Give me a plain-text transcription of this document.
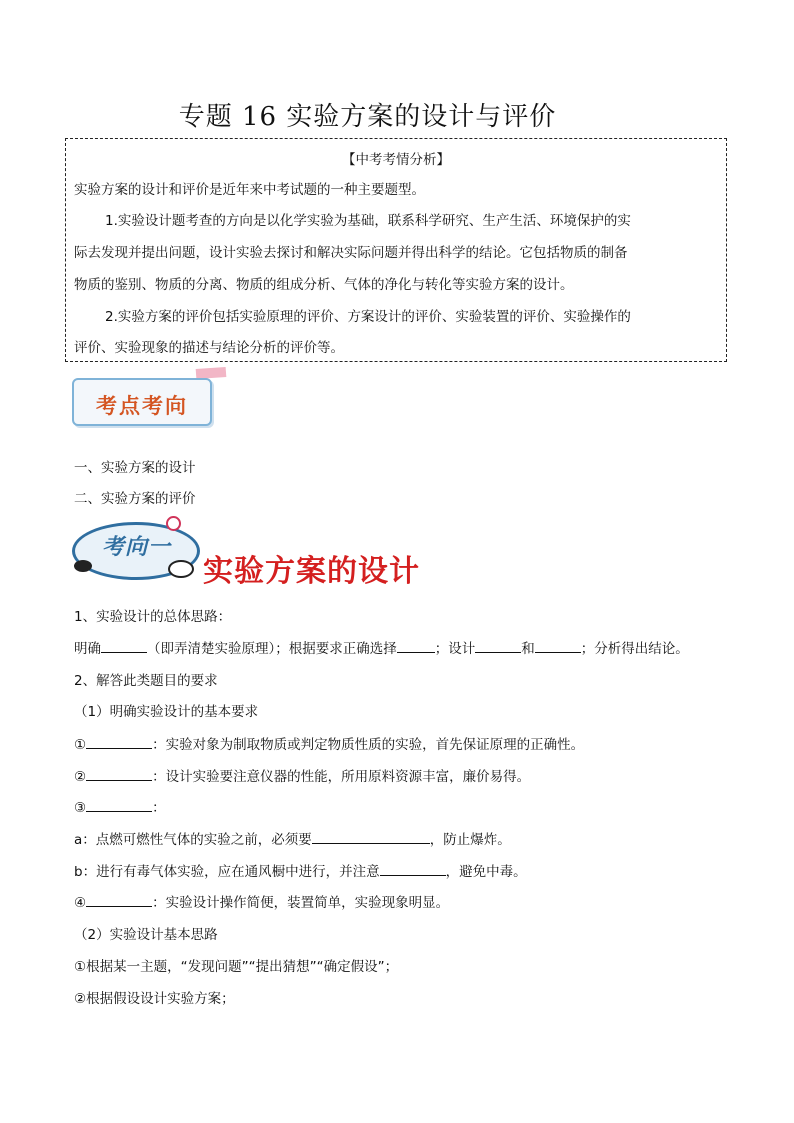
专题 16 实验方案的设计与评价
【中考考情分析】
实验方案的设计和评价是近年来中考试题的一种主要题型。
1.实验设计题考查的方向是以化学实验为基础，联系科学研究、生产生活、环境保护的实
际去发现并提出问题，设计实验去探讨和解决实际问题并得出科学的结论。它包括物质的制备
物质的鉴别、物质的分离、物质的组成分析、气体的净化与转化等实验方案的设计。
2.实验方案的评价包括实验原理的评价、方案设计的评价、实验装置的评价、实验操作的
评价、实验现象的描述与结论分析的评价等。
考点考向
一、实验方案的设计
二、实验方案的评价
考向一
实验方案的设计
1、实验设计的总体思路：
明确	（即弄清楚实验原理）；根据要求正确选择	；设计	和	；分析得出结论。
2、解答此类题目的要求
（1）明确实验设计的基本要求
①	：实验对象为制取物质或判定物质性质的实验，首先保证原理的正确性。
②	：设计实验要注意仪器的性能，所用原料资源丰富，廉价易得。
③	：
a：点燃可燃性气体的实验之前，必须要	，防止爆炸。
b：进行有毒气体实验，应在通风橱中进行，并注意	，避免中毒。
④	：实验设计操作简便，装置简单，实验现象明显。
（2）实验设计基本思路
①根据某一主题，“发现问题”“提出猜想”“确定假设”；
②根据假设设计实验方案；
